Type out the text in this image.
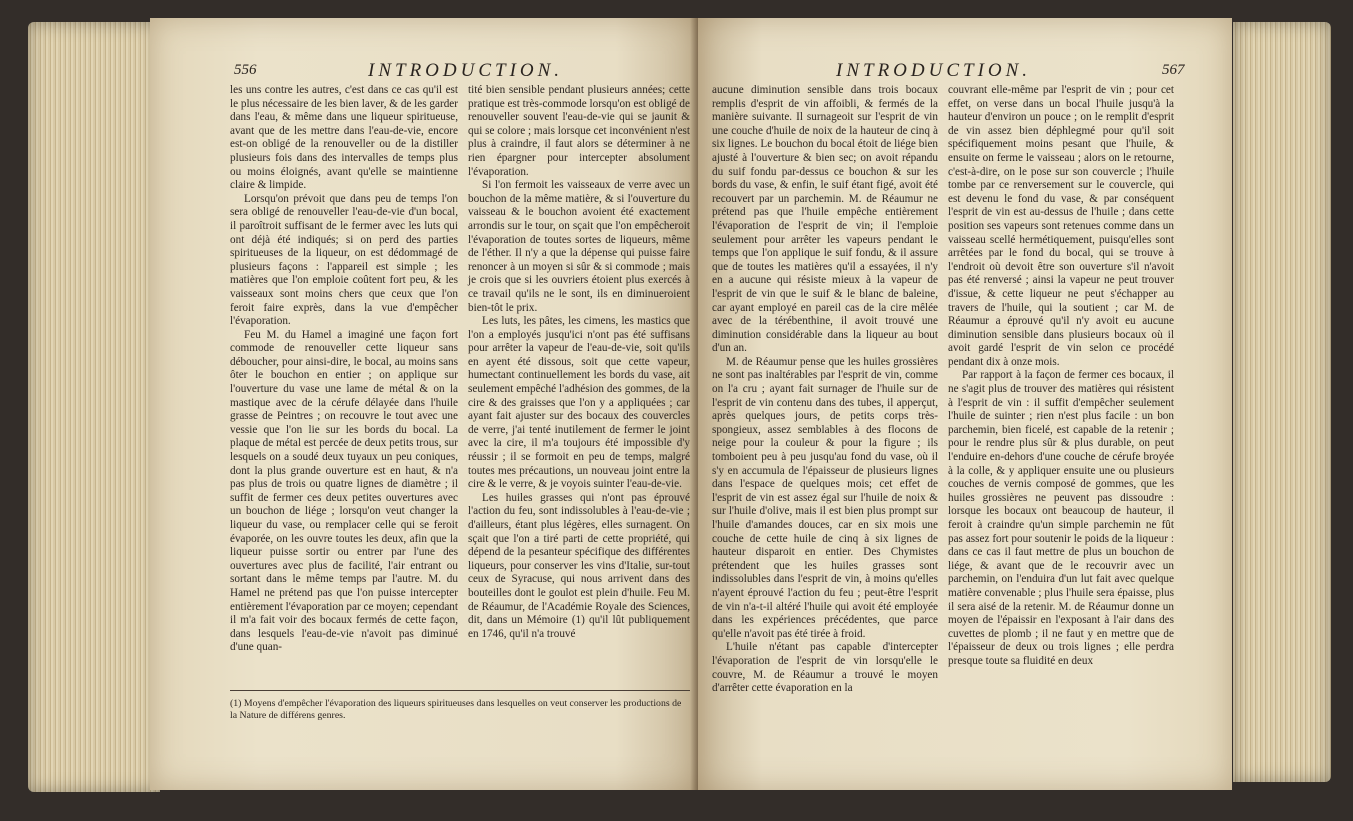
556	INTRODUCTION.

les uns contre les autres, c'est dans ce cas qu'il est le plus nécessaire de les bien laver, & de les garder dans l'eau, & même dans une liqueur spiritueuse, avant que de les mettre dans l'eau-de-vie, encore est-on obligé de la renouveller ou de la distiller plusieurs fois dans des intervalles de temps plus ou moins éloignés, avant qu'elle se maintienne claire & limpide.

Lorsqu'on prévoit que dans peu de temps l'on sera obligé de renouveller l'eau-de-vie d'un bocal, il paroîtroit suffisant de le fermer avec les luts qui ont déjà été indiqués; si on perd des parties spiritueuses de la liqueur, on est dédommagé de plusieurs façons : l'appareil est simple ; les matières que l'on emploie coûtent fort peu, & les vaisseaux sont moins chers que ceux que l'on feroit faire exprès, dans la vue d'empêcher l'évaporation.

Feu M. du Hamel a imaginé une façon fort commode de renouveller cette liqueur sans déboucher, pour ainsi-dire, le bocal, au moins sans ôter le bouchon en entier ; on applique sur l'ouverture du vase une lame de métal & on la mastique avec de la cérufe délayée dans l'huile grasse de Peintres ; on recouvre le tout avec une vessie que l'on lie sur les bords du bocal. La plaque de métal est percée de deux petits trous, sur lesquels on a soudé deux tuyaux un peu coniques, dont la plus grande ouverture est en haut, & n'a pas plus de trois ou quatre lignes de diamètre ; il suffit de fermer ces deux petites ouvertures avec un bouchon de liége ; lorsqu'on veut changer la liqueur du vase, ou remplacer celle qui se feroit évaporée, on les ouvre toutes les deux, afin que la liqueur puisse sortir ou entrer par l'une des ouvertures avec plus de facilité, l'air entrant ou sortant dans le même temps par l'autre. M. du Hamel ne prétend pas que l'on puisse intercepter entièrement l'évaporation par ce moyen; cependant il m'a fait voir des bocaux fermés de cette façon, dans lesquels l'eau-de-vie n'avoit pas diminué d'une quan-

tité bien sensible pendant plusieurs années; cette pratique est très-commode lorsqu'on est obligé de renouveller souvent l'eau-de-vie qui se jaunit & qui se colore ; mais lorsque cet inconvénient n'est plus à craindre, il faut alors se déterminer à ne rien épargner pour intercepter absolument l'évaporation.

Si l'on fermoit les vaisseaux de verre avec un bouchon de la même matière, & si l'ouverture du vaisseau & le bouchon avoient été exactement arrondis sur le tour, on sçait que l'on empêcheroit l'évaporation de toutes sortes de liqueurs, même de l'éther. Il n'y a que la dépense qui puisse faire renoncer à un moyen si sûr & si commode ; mais je crois que si les ouvriers étoient plus exercés à ce travail qu'ils ne le sont, ils en diminueroient bien-tôt le prix.

Les luts, les pâtes, les cimens, les mastics que l'on a employés jusqu'ici n'ont pas été suffisans pour arrêter la vapeur de l'eau-de-vie, soit qu'ils en ayent été dissous, soit que cette vapeur, humectant continuellement les bords du vase, ait seulement empêché l'adhésion des gommes, de la cire & des graisses que l'on y a appliquées ; car ayant fait ajuster sur des bocaux des couvercles de verre, j'ai tenté inutilement de fermer le joint avec la cire, il m'a toujours été impossible d'y réussir ; il se formoit en peu de temps, malgré toutes mes précautions, un nouveau joint entre la cire & le verre, & je voyois suinter l'eau-de-vie.

Les huiles grasses qui n'ont pas éprouvé l'action du feu, sont indissolubles à l'eau-de-vie ; d'ailleurs, étant plus légères, elles surnagent. On sçait que l'on a tiré parti de cette propriété, qui dépend de la pesanteur spécifique des différentes liqueurs, pour conserver les vins d'Italie, sur-tout ceux de Syracuse, qui nous arrivent dans des bouteilles dont le goulot est plein d'huile. Feu M. de Réaumur, de l'Académie Royale des Sciences, dit, dans un Mémoire (1) qu'il lût publiquement en 1746, qu'il n'a trouvé

(1) Moyens d'empêcher l'évaporation des liqueurs spiritueuses dans lesquelles on veut conserver les productions de la Nature de différens genres.
INTRODUCTION.	567

aucune diminution sensible dans trois bocaux remplis d'esprit de vin affoibli, & fermés de la manière suivante. Il surnageoit sur l'esprit de vin une couche d'huile de noix de la hauteur de cinq à six lignes. Le bouchon du bocal étoit de liége bien ajusté à l'ouverture & bien sec; on avoit répandu du suif fondu par-dessus ce bouchon & sur les bords du vase, & enfin, le suif étant figé, avoit été recouvert par un parchemin. M. de Réaumur ne prétend pas que l'huile empêche entièrement l'évaporation de l'esprit de vin; il l'emploie seulement pour arrêter les vapeurs pendant le temps que l'on applique le suif fondu, & il assure que de toutes les matières qu'il a essayées, il n'y en a aucune qui résiste mieux à la vapeur de l'esprit de vin que le suif & le blanc de baleine, car ayant employé en pareil cas de la cire mêlée avec de la térébenthine, il avoit trouvé une diminution considérable dans la liqueur au bout d'un an.

M. de Réaumur pense que les huiles grossières ne sont pas inaltérables par l'esprit de vin, comme on l'a cru ; ayant fait surnager de l'huile sur de l'esprit de vin contenu dans des tubes, il apperçut, après quelques jours, de petits corps très-spongieux, assez semblables à des flocons de neige pour la couleur & pour la figure ; ils tomboient peu à peu jusqu'au fond du vase, où il s'y en accumula de l'épaisseur de plusieurs lignes dans l'espace de quelques mois; cet effet de l'esprit de vin est assez égal sur l'huile de noix & sur l'huile d'olive, mais il est bien plus prompt sur l'huile d'amandes douces, car en six mois une couche de cette huile de cinq à six lignes de hauteur disparoit en entier. Des Chymistes prétendent que les huiles grasses sont indissolubles dans l'esprit de vin, à moins qu'elles n'ayent éprouvé l'action du feu ; peut-être l'esprit de vin n'a-t-il altéré l'huile qui avoit été employée dans les expériences précédentes, que parce qu'elle n'avoit pas été tirée à froid.

L'huile n'étant pas capable d'intercepter l'évaporation de l'esprit de vin lorsqu'elle le couvre, M. de Réaumur a trouvé le moyen d'arrêter cette évaporation en la

couvrant elle-même par l'esprit de vin ; pour cet effet, on verse dans un bocal l'huile jusqu'à la hauteur d'environ un pouce ; on le remplit d'esprit de vin assez bien déphlegmé pour qu'il soit spécifiquement moins pesant que l'huile, & ensuite on ferme le vaisseau ; alors on le retourne, c'est-à-dire, on le pose sur son couvercle ; l'huile tombe par ce renversement sur le couvercle, qui est devenu le fond du vase, & par conséquent l'esprit de vin est au-dessus de l'huile ; dans cette position ses vapeurs sont retenues comme dans un vaisseau scellé hermétiquement, puisqu'elles sont arrêtées par le fond du bocal, qui se trouve à l'endroit où devoit être son ouverture s'il n'avoit pas été renversé ; ainsi la vapeur ne peut trouver d'issue, & cette liqueur ne peut s'échapper au travers de l'huile, qui la soutient ; car M. de Réaumur a éprouvé qu'il n'y avoit eu aucune diminution sensible dans plusieurs bocaux où il avoit gardé l'esprit de vin selon ce procédé pendant dix à onze mois.

Par rapport à la façon de fermer ces bocaux, il ne s'agit plus de trouver des matières qui résistent à l'esprit de vin : il suffit d'empêcher seulement l'huile de suinter ; rien n'est plus facile : un bon parchemin, bien ficelé, est capable de la retenir ; pour le rendre plus sûr & plus durable, on peut l'enduire en-dehors d'une couche de cérufe broyée à la colle, & y appliquer ensuite une ou plusieurs couches de vernis composé de gommes, que les huiles grossières ne peuvent pas dissoudre : lorsque les bocaux ont beaucoup de hauteur, il feroit à craindre qu'un simple parchemin ne fût pas assez fort pour soutenir le poids de la liqueur : dans ce cas il faut mettre de plus un bouchon de liége, & avant que de le recouvrir avec un parchemin, on l'enduira d'un lut fait avec quelque matière convenable ; plus l'huile sera épaisse, plus il sera aisé de la retenir. M. de Réaumur donne un moyen de l'épaissir en l'exposant à l'air dans des cuvettes de plomb ; il ne faut y en mettre que de l'épaisseur de deux ou trois lignes ; elle perdra presque toute sa fluidité en deux
